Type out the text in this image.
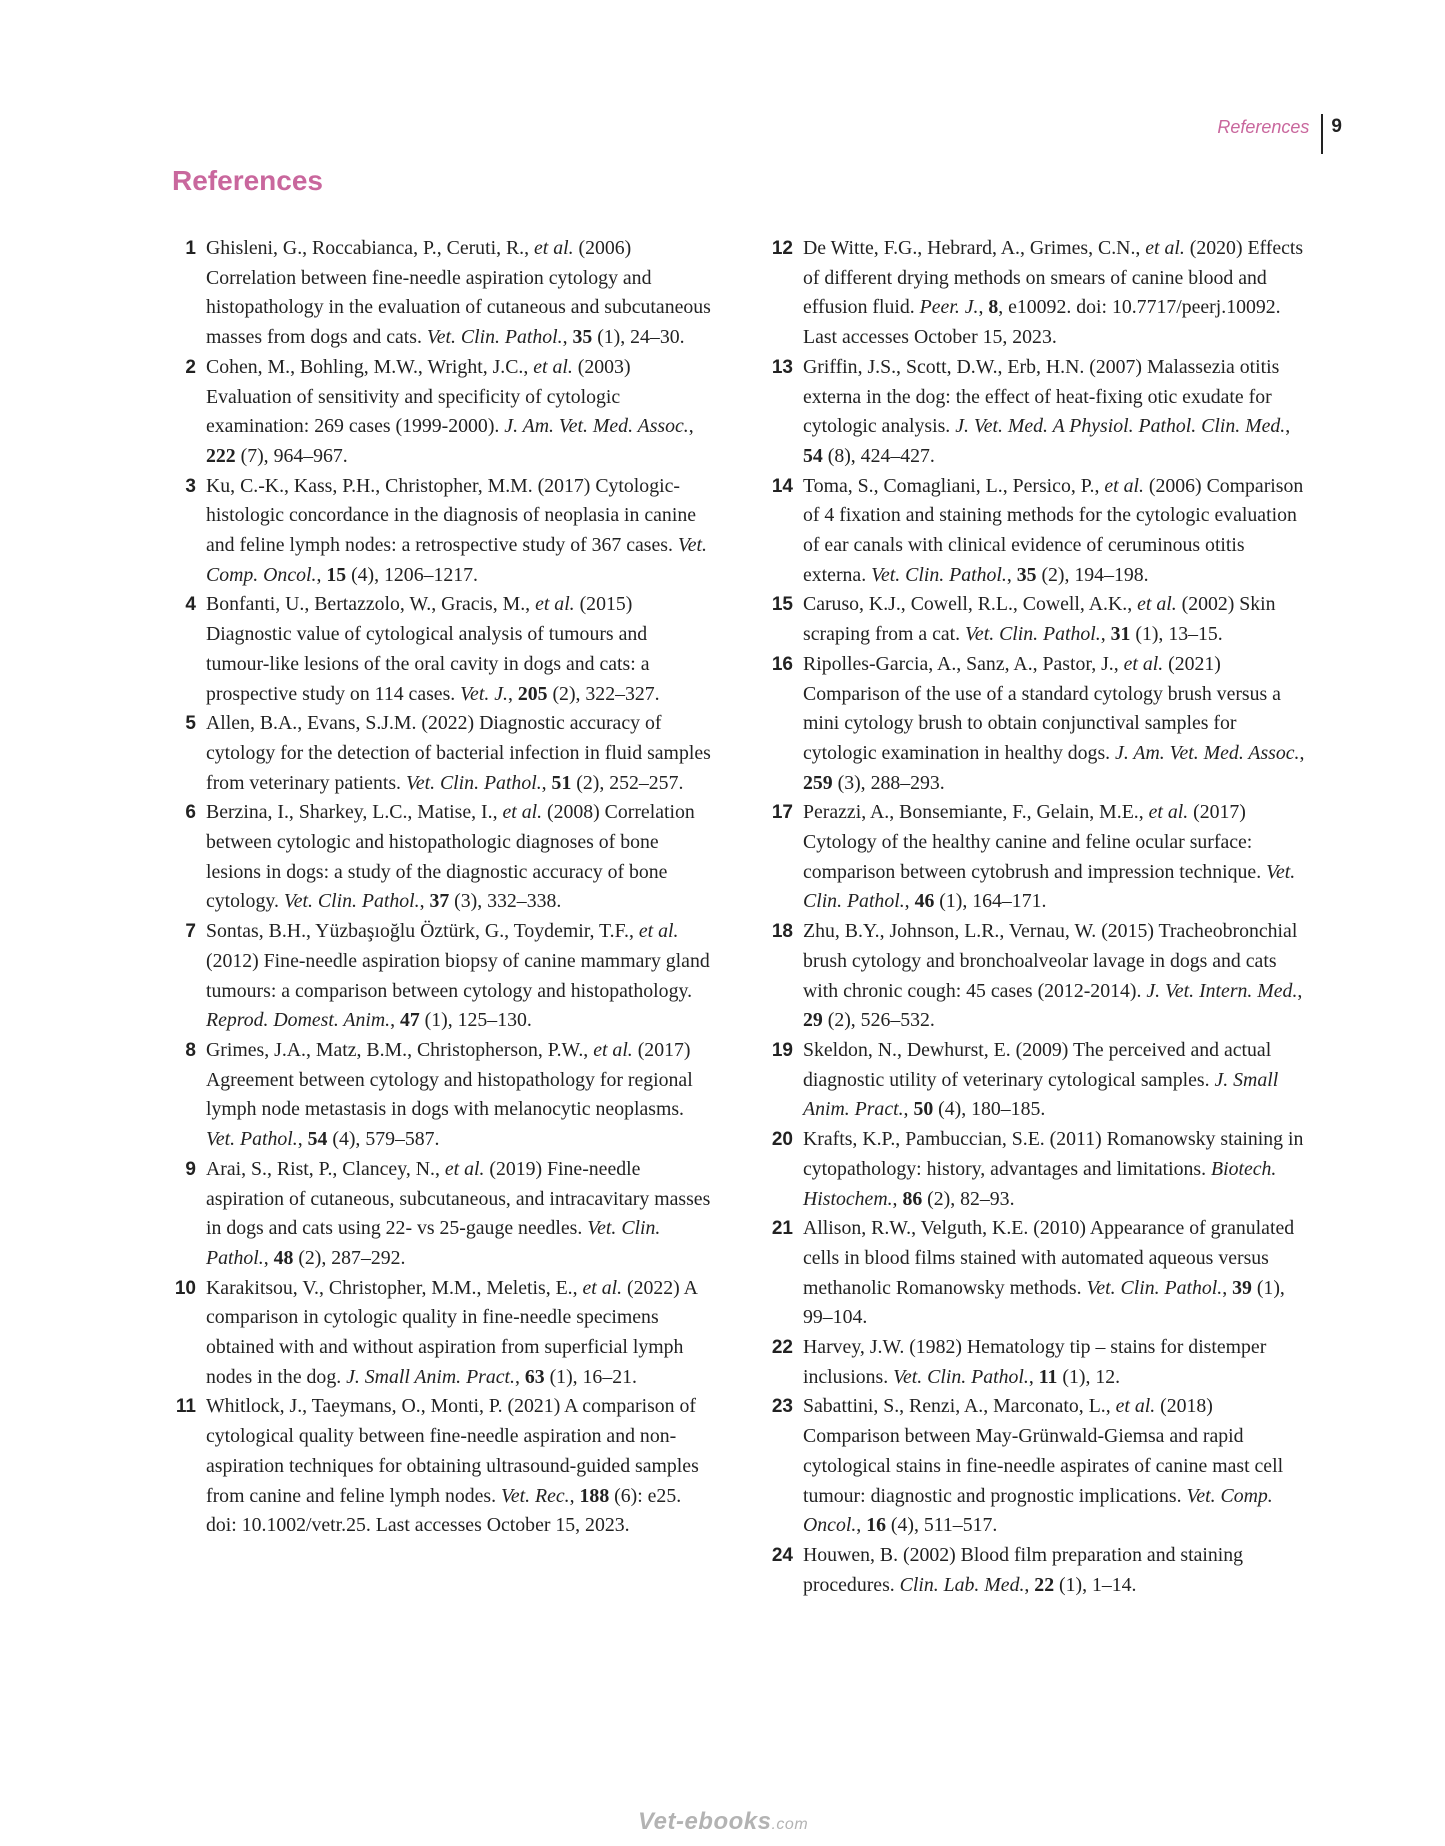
References 9
References
1 Ghisleni, G., Roccabianca, P., Ceruti, R., et al. (2006) Correlation between fine-needle aspiration cytology and histopathology in the evaluation of cutaneous and subcutaneous masses from dogs and cats. Vet. Clin. Pathol., 35 (1), 24–30.
2 Cohen, M., Bohling, M.W., Wright, J.C., et al. (2003) Evaluation of sensitivity and specificity of cytologic examination: 269 cases (1999-2000). J. Am. Vet. Med. Assoc., 222 (7), 964–967.
3 Ku, C.-K., Kass, P.H., Christopher, M.M. (2017) Cytologic-histologic concordance in the diagnosis of neoplasia in canine and feline lymph nodes: a retrospective study of 367 cases. Vet. Comp. Oncol., 15 (4), 1206–1217.
4 Bonfanti, U., Bertazzolo, W., Gracis, M., et al. (2015) Diagnostic value of cytological analysis of tumours and tumour-like lesions of the oral cavity in dogs and cats: a prospective study on 114 cases. Vet. J., 205 (2), 322–327.
5 Allen, B.A., Evans, S.J.M. (2022) Diagnostic accuracy of cytology for the detection of bacterial infection in fluid samples from veterinary patients. Vet. Clin. Pathol., 51 (2), 252–257.
6 Berzina, I., Sharkey, L.C., Matise, I., et al. (2008) Correlation between cytologic and histopathologic diagnoses of bone lesions in dogs: a study of the diagnostic accuracy of bone cytology. Vet. Clin. Pathol., 37 (3), 332–338.
7 Sontas, B.H., Yüzbaşıoğlu Öztürk, G., Toydemir, T.F., et al. (2012) Fine-needle aspiration biopsy of canine mammary gland tumours: a comparison between cytology and histopathology. Reprod. Domest. Anim., 47 (1), 125–130.
8 Grimes, J.A., Matz, B.M., Christopherson, P.W., et al. (2017) Agreement between cytology and histopathology for regional lymph node metastasis in dogs with melanocytic neoplasms. Vet. Pathol., 54 (4), 579–587.
9 Arai, S., Rist, P., Clancey, N., et al. (2019) Fine-needle aspiration of cutaneous, subcutaneous, and intracavitary masses in dogs and cats using 22- vs 25-gauge needles. Vet. Clin. Pathol., 48 (2), 287–292.
10 Karakitsou, V., Christopher, M.M., Meletis, E., et al. (2022) A comparison in cytologic quality in fine-needle specimens obtained with and without aspiration from superficial lymph nodes in the dog. J. Small Anim. Pract., 63 (1), 16–21.
11 Whitlock, J., Taeymans, O., Monti, P. (2021) A comparison of cytological quality between fine-needle aspiration and non-aspiration techniques for obtaining ultrasound-guided samples from canine and feline lymph nodes. Vet. Rec., 188 (6): e25. doi: 10.1002/vetr.25. Last accesses October 15, 2023.
12 De Witte, F.G., Hebrard, A., Grimes, C.N., et al. (2020) Effects of different drying methods on smears of canine blood and effusion fluid. Peer. J., 8, e10092. doi: 10.7717/peerj.10092. Last accesses October 15, 2023.
13 Griffin, J.S., Scott, D.W., Erb, H.N. (2007) Malassezia otitis externa in the dog: the effect of heat-fixing otic exudate for cytologic analysis. J. Vet. Med. A Physiol. Pathol. Clin. Med., 54 (8), 424–427.
14 Toma, S., Comagliani, L., Persico, P., et al. (2006) Comparison of 4 fixation and staining methods for the cytologic evaluation of ear canals with clinical evidence of ceruminous otitis externa. Vet. Clin. Pathol., 35 (2), 194–198.
15 Caruso, K.J., Cowell, R.L., Cowell, A.K., et al. (2002) Skin scraping from a cat. Vet. Clin. Pathol., 31 (1), 13–15.
16 Ripolles-Garcia, A., Sanz, A., Pastor, J., et al. (2021) Comparison of the use of a standard cytology brush versus a mini cytology brush to obtain conjunctival samples for cytologic examination in healthy dogs. J. Am. Vet. Med. Assoc., 259 (3), 288–293.
17 Perazzi, A., Bonsemiante, F., Gelain, M.E., et al. (2017) Cytology of the healthy canine and feline ocular surface: comparison between cytobrush and impression technique. Vet. Clin. Pathol., 46 (1), 164–171.
18 Zhu, B.Y., Johnson, L.R., Vernau, W. (2015) Tracheobronchial brush cytology and bronchoalveolar lavage in dogs and cats with chronic cough: 45 cases (2012-2014). J. Vet. Intern. Med., 29 (2), 526–532.
19 Skeldon, N., Dewhurst, E. (2009) The perceived and actual diagnostic utility of veterinary cytological samples. J. Small Anim. Pract., 50 (4), 180–185.
20 Krafts, K.P., Pambuccian, S.E. (2011) Romanowsky staining in cytopathology: history, advantages and limitations. Biotech. Histochem., 86 (2), 82–93.
21 Allison, R.W., Velguth, K.E. (2010) Appearance of granulated cells in blood films stained with automated aqueous versus methanolic Romanowsky methods. Vet. Clin. Pathol., 39 (1), 99–104.
22 Harvey, J.W. (1982) Hematology tip – stains for distemper inclusions. Vet. Clin. Pathol., 11 (1), 12.
23 Sabattini, S., Renzi, A., Marconato, L., et al. (2018) Comparison between May-Grünwald-Giemsa and rapid cytological stains in fine-needle aspirates of canine mast cell tumour: diagnostic and prognostic implications. Vet. Comp. Oncol., 16 (4), 511–517.
24 Houwen, B. (2002) Blood film preparation and staining procedures. Clin. Lab. Med., 22 (1), 1–14.
Vet-ebooks.com
